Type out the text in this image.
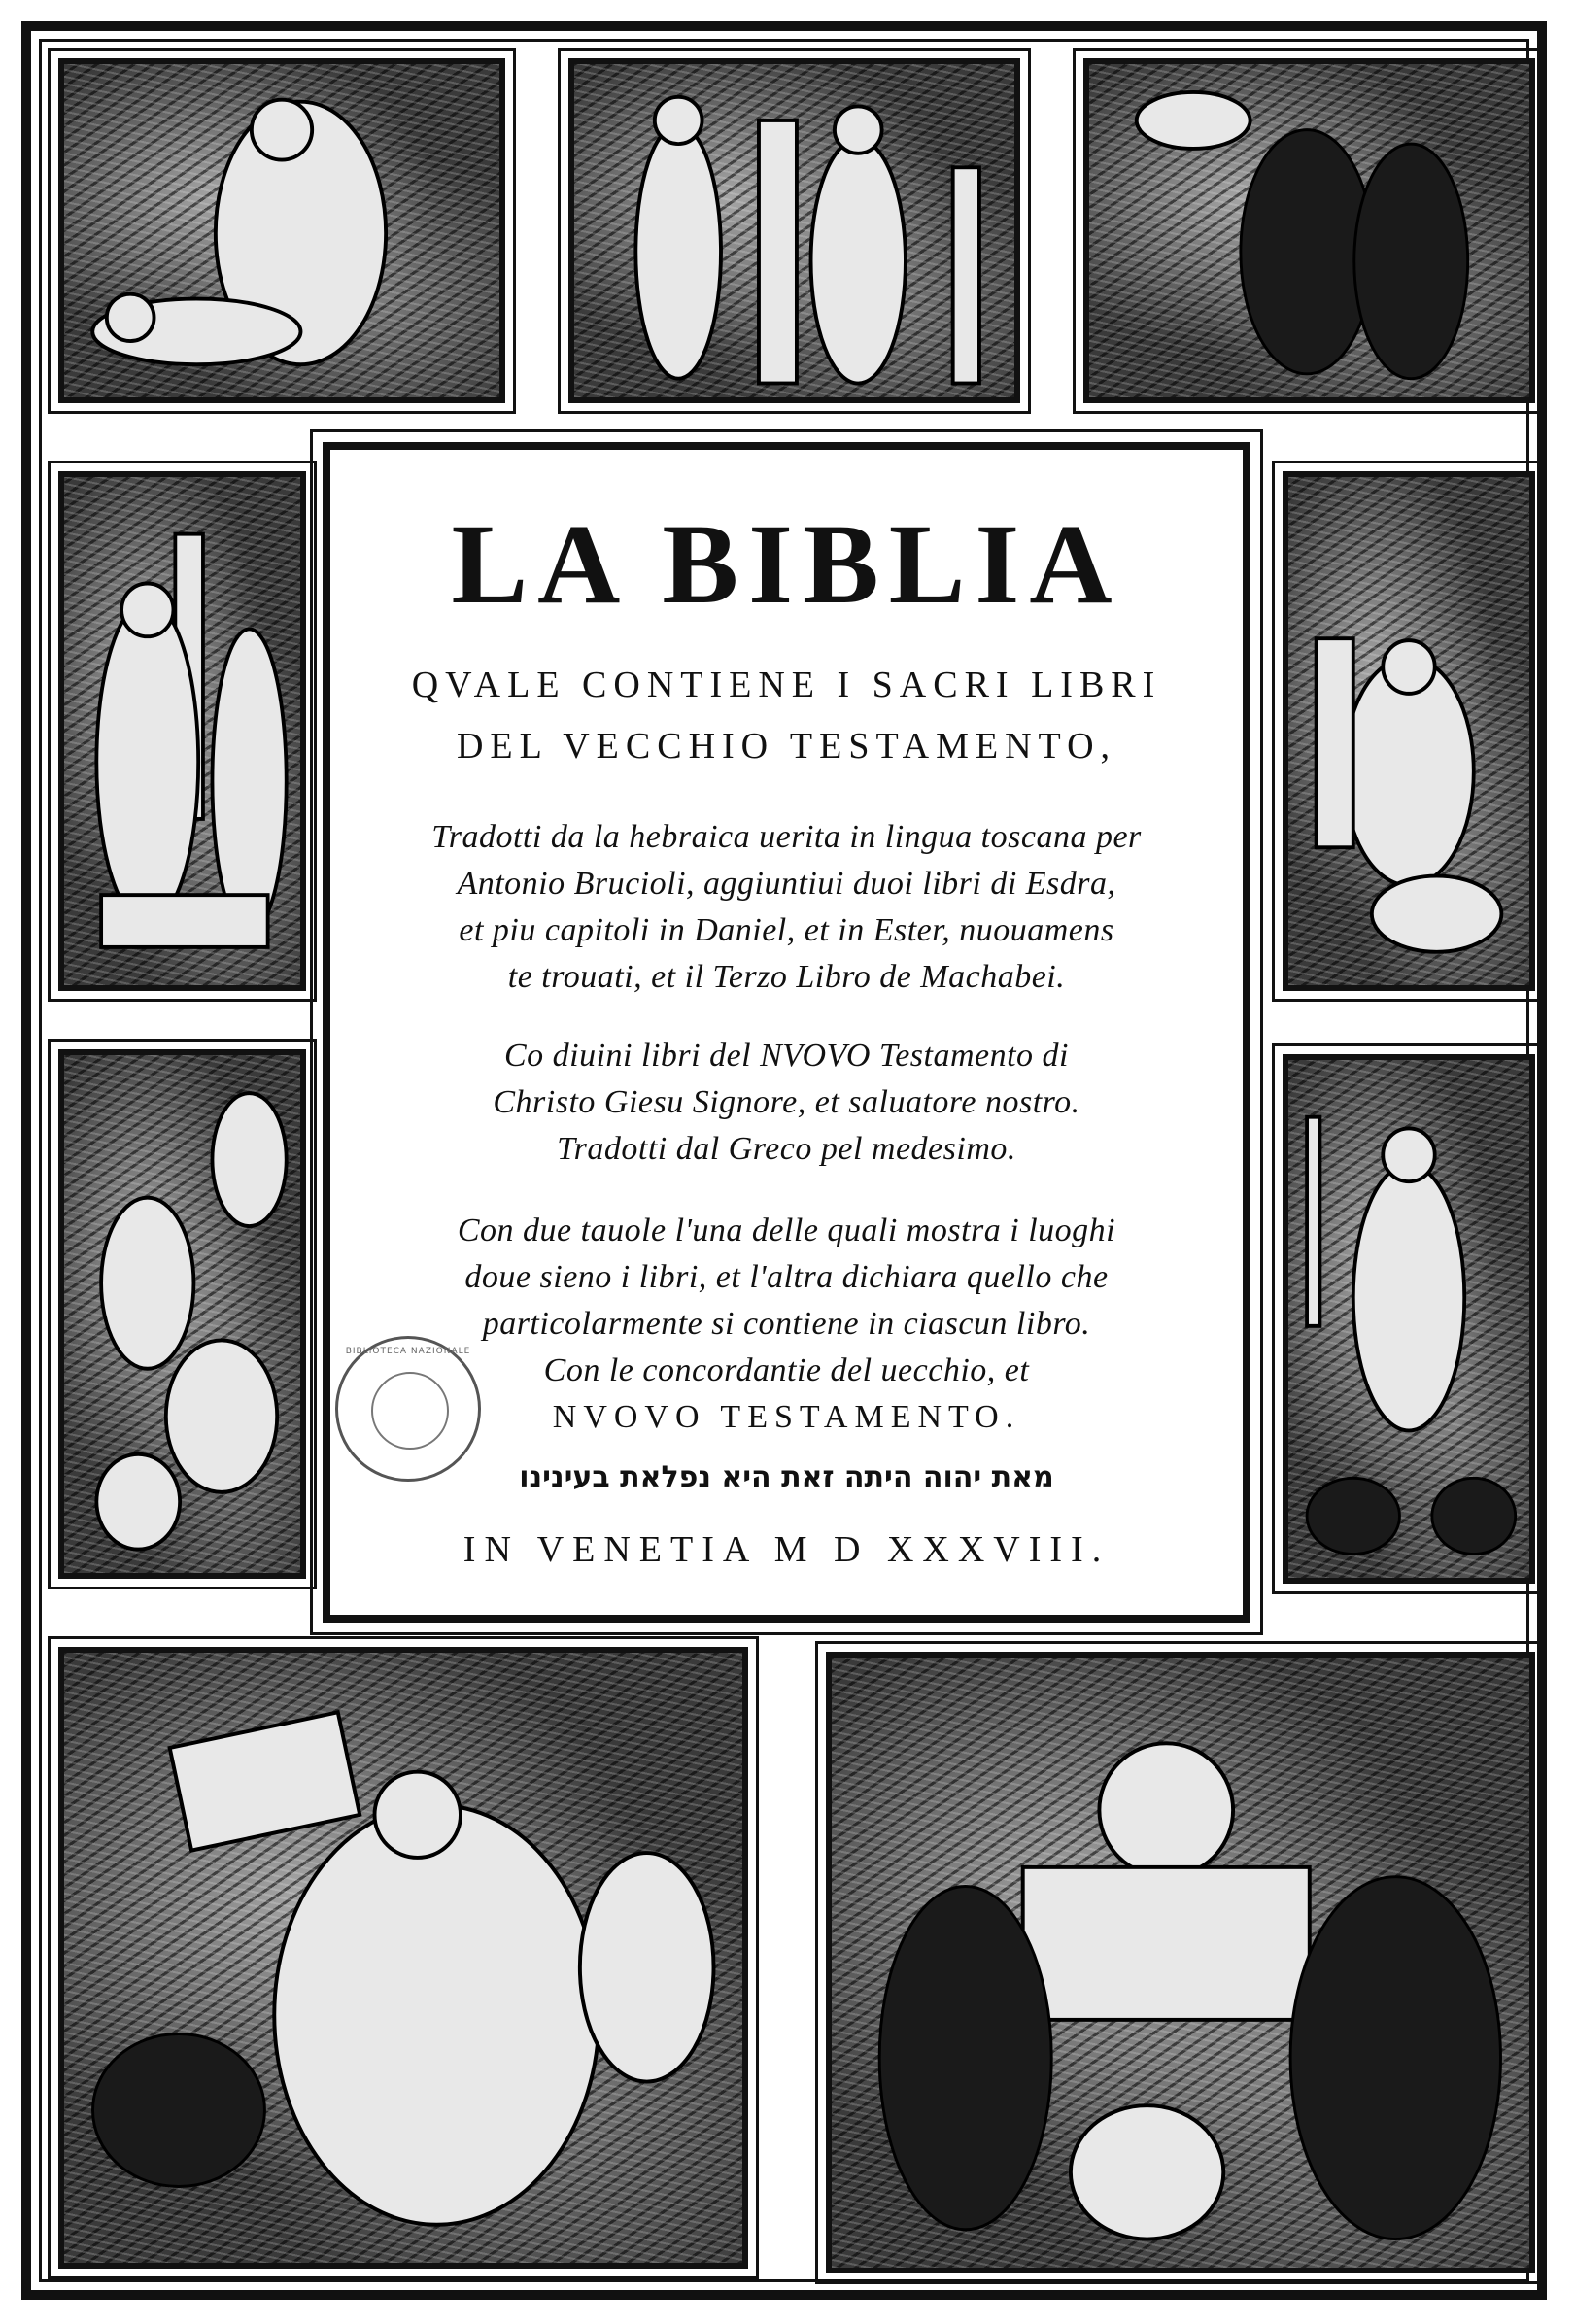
LA BIBLIA
QVALE CONTIENE I SACRI LIBRI
DEL VECCHIO TESTAMENTO,
Tradotti da la hebraica uerita in lingua toscana per
Antonio Brucioli, aggiuntiui duoi libri di Esdra,
et piu capitoli in Daniel, et in Ester, nuouamens
te trouati, et il Terzo Libro de Machabei.
Co diuini libri del NVOVO Testamento di
Christo Giesu Signore, et saluatore nostro.
Tradotti dal Greco pel medesimo.
Con due tauole l'una delle quali mostra i luoghi
doue sieno i libri, et l'altra dichiara quello che
particolarmente si contiene in ciascun libro.
Con le concordantie del uecchio, et
NVOVO TESTAMENTO.
מאת יהוה היתה זאת היא נפלאת בעינינו
IN VENETIA M D XXXVIII.
BIBLIOTECA NAZIONALE
